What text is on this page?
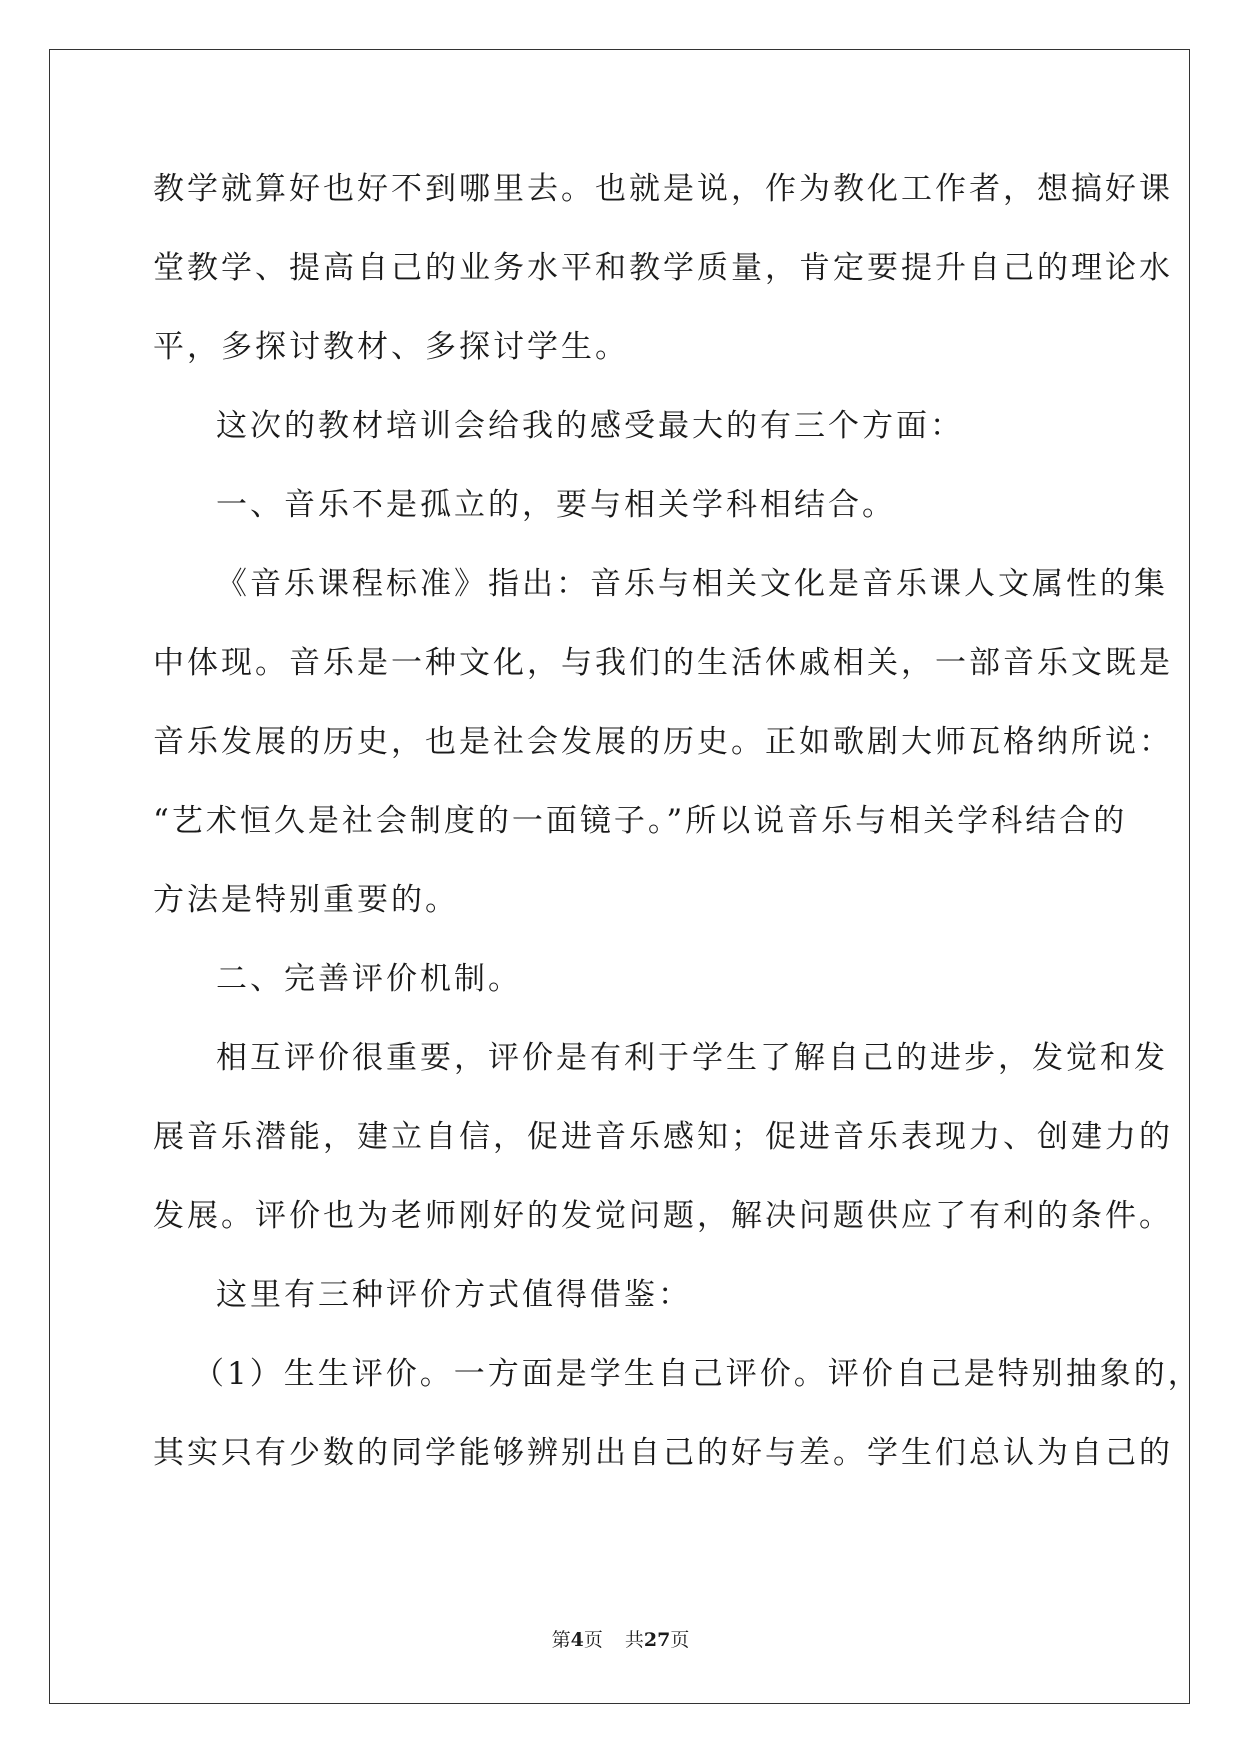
教学就算好也好不到哪里去。也就是说，作为教化工作者，想搞好课
堂教学、提高自己的业务水平和教学质量，肯定要提升自己的理论水
平，多探讨教材、多探讨学生。
这次的教材培训会给我的感受最大的有三个方面：
一、音乐不是孤立的，要与相关学科相结合。
《音乐课程标准》指出：音乐与相关文化是音乐课人文属性的集
中体现。音乐是一种文化，与我们的生活休戚相关，一部音乐文既是
音乐发展的历史，也是社会发展的历史。正如歌剧大师瓦格纳所说：
“艺术恒久是社会制度的一面镜子。”所以说音乐与相关学科结合的
方法是特别重要的。
二、完善评价机制。
相互评价很重要，评价是有利于学生了解自己的进步，发觉和发
展音乐潜能，建立自信，促进音乐感知；促进音乐表现力、创建力的
发展。评价也为老师刚好的发觉问题，解决问题供应了有利的条件。
这里有三种评价方式值得借鉴：
（1）生生评价。一方面是学生自己评价。评价自己是特别抽象的，
其实只有少数的同学能够辨别出自己的好与差。学生们总认为自己的
第4页 共27页
